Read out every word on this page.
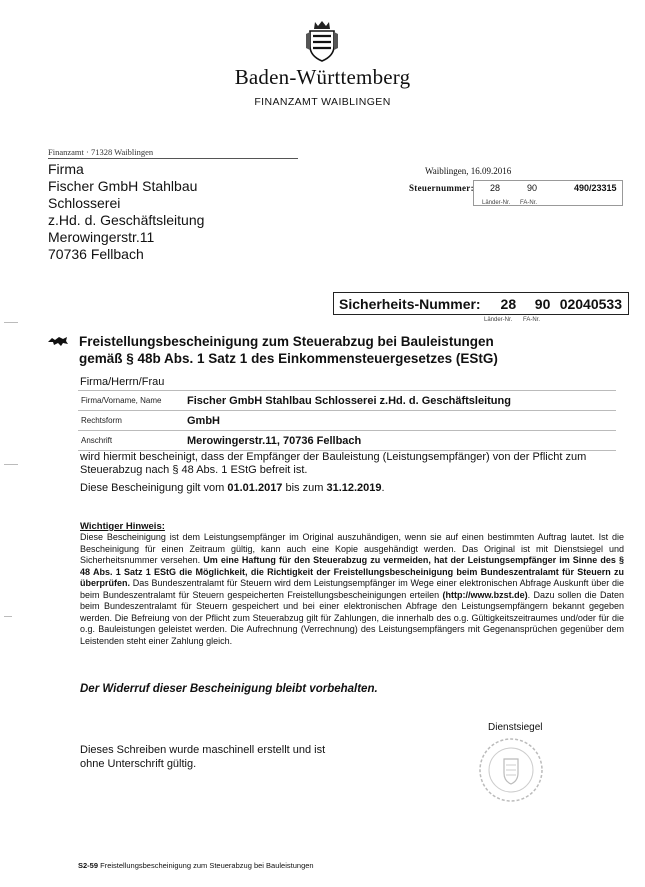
Baden-Württemberg
FINANZAMT WAIBLINGEN
Finanzamt · 71328 Waiblingen
Firma
Fischer GmbH Stahlbau
Schlosserei
z.Hd. d. Geschäftsleitung
Merowingerstr.11
70736 Fellbach
Waiblingen, 16.09.2016
Steuernummer: 28	90	490/23315
Länder-Nr. FA-Nr.
Sicherheits-Nummer:	28	90 02040533
Länder-Nr. FA-Nr.
Freistellungsbescheinigung zum Steuerabzug bei Bauleistungen
gemäß § 48b Abs. 1 Satz 1 des Einkommensteuergesetzes (EStG)
Firma/Herrn/Frau
Firma/Vorname, Name	Fischer GmbH Stahlbau Schlosserei z.Hd. d. Geschäftsleitung
Rechtsform	GmbH
Anschrift	Merowingerstr.11, 70736 Fellbach
wird hiermit bescheinigt, dass der Empfänger der Bauleistung (Leistungsempfänger) von der Pflicht zum Steuerabzug nach § 48 Abs. 1 EStG befreit ist.
Diese Bescheinigung gilt vom 01.01.2017 bis zum 31.12.2019.
Wichtiger Hinweis:
Diese Bescheinigung ist dem Leistungsempfänger im Original auszuhändigen, wenn sie auf einen bestimmten Auftrag lautet. Ist die Bescheinigung für einen Zeitraum gültig, kann auch eine Kopie ausgehändigt werden. Das Original ist mit Dienstsiegel und Sicherheitsnummer versehen. Um eine Haftung für den Steuerabzug zu vermeiden, hat der Leistungsempfänger im Sinne des § 48 Abs. 1 Satz 1 EStG die Möglichkeit, die Richtigkeit der Freistellungsbescheinigung beim Bundeszentralamt für Steuern zu überprüfen. Das Bundeszentralamt für Steuern wird dem Leistungsempfänger im Wege einer elektronischen Abfrage Auskunft über die beim Bundeszentralamt für Steuern gespeicherten Freistellungsbescheinigungen erteilen (http://www.bzst.de). Dazu sollen die Daten beim Bundeszentralamt für Steuern gespeichert und bei einer elektronischen Abfrage den Leistungsempfängern bekannt gegeben werden. Die Befreiung von der Pflicht zum Steuerabzug gilt für Zahlungen, die innerhalb des o.g. Gültigkeitszeitraumes und/oder für die o.g. Bauleistungen geleistet werden. Die Aufrechnung (Verrechnung) des Leistungsempfängers mit Gegenansprüchen gegenüber dem Leistenden steht einer Zahlung gleich.
Der Widerruf dieser Bescheinigung bleibt vorbehalten.
Dienstsiegel
Dieses Schreiben wurde maschinell erstellt und ist
ohne Unterschrift gültig.
S2-59 Freistellungsbescheinigung zum Steuerabzug bei Bauleistungen
